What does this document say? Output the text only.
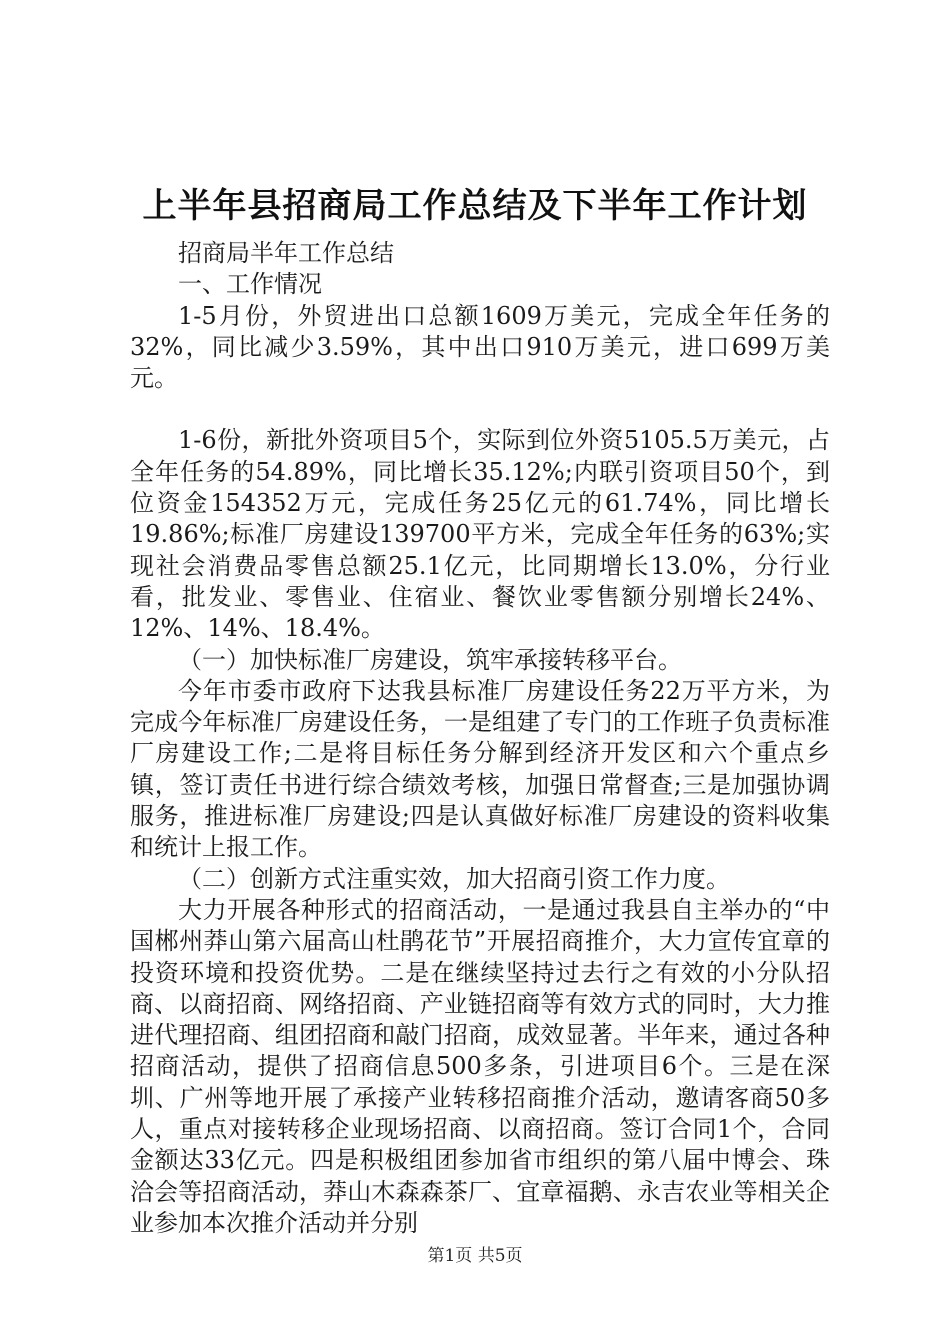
上半年县招商局工作总结及下半年工作计划

招商局半年工作总结

一、工作情况

1-5月份，外贸进出口总额1609万美元，完成全年任务的32%，同比减少3.59%，其中出口910万美元，进口699万美元。

1-6份，新批外资项目5个，实际到位外资5105.5万美元，占全年任务的54.89%，同比增长35.12%;内联引资项目50个，到位资金154352万元，完成任务25亿元的61.74%，同比增长19.86%;标准厂房建设139700平方米，完成全年任务的63%;实现社会消费品零售总额25.1亿元，比同期增长13.0%，分行业看，批发业、零售业、住宿业、餐饮业零售额分别增长24%、12%、14%、18.4%。

（一）加快标准厂房建设，筑牢承接转移平台。

今年市委市政府下达我县标准厂房建设任务22万平方米，为完成今年标准厂房建设任务，一是组建了专门的工作班子负责标准厂房建设工作;二是将目标任务分解到经济开发区和六个重点乡镇，签订责任书进行综合绩效考核，加强日常督查;三是加强协调服务，推进标准厂房建设;四是认真做好标准厂房建设的资料收集和统计上报工作。

（二）创新方式注重实效，加大招商引资工作力度。

大力开展各种形式的招商活动，一是通过我县自主举办的“中国郴州莽山第六届高山杜鹃花节”开展招商推介，大力宣传宜章的投资环境和投资优势。二是在继续坚持过去行之有效的小分队招商、以商招商、网络招商、产业链招商等有效方式的同时，大力推进代理招商、组团招商和敲门招商，成效显著。半年来，通过各种招商活动，提供了招商信息500多条，引进项目6个。三是在深圳、广州等地开展了承接产业转移招商推介活动，邀请客商50多人，重点对接转移企业现场招商、以商招商。签订合同1个，合同金额达33亿元。四是积极组团参加省市组织的第八届中博会、珠洽会等招商活动，莽山木森森茶厂、宜章福鹅、永吉农业等相关企业参加本次推介活动并分别

第1页 共5页
